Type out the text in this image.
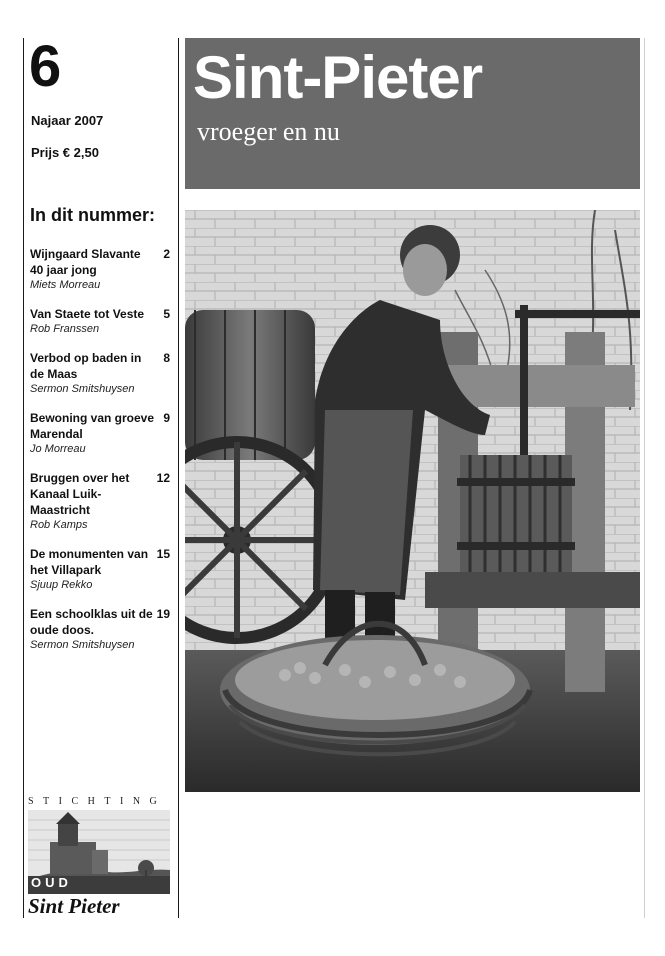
6
Najaar 2007
Prijs € 2,50
In dit nummer:
Wijngaard Slavante 40 jaar jong
2
Miets Morreau
Van Staete tot Veste	5
Rob Franssen
Verbod op baden in de Maas
8
Sermon Smitshuysen
Bewoning van groeve Marendal
9
Jo Morreau
Bruggen over het Kanaal Luik-Maastricht
12
Rob Kamps
De monumenten van het Villapark
15
Sjuup Rekko
Een schoolklas uit de oude doos.
19
Sermon Smitshuysen
Sint-Pieter
vroeger en nu
STICHTING
OUD
Sint Pieter
